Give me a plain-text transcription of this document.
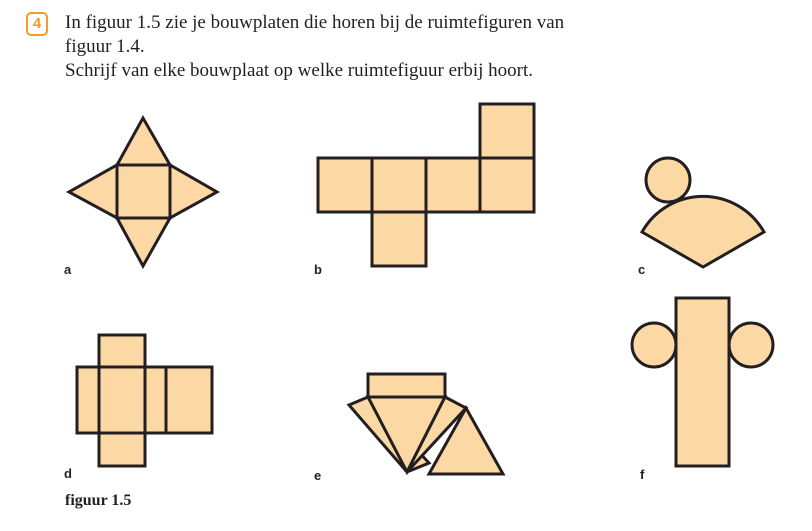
4	In figuur 1.5 zie je bouwplaten die horen bij de ruimtefiguren van
figuur 1.4.
Schrijf van elke bouwplaat op welke ruimtefiguur erbij hoort.
a	b	c
d	e	f
figuur 1.5
